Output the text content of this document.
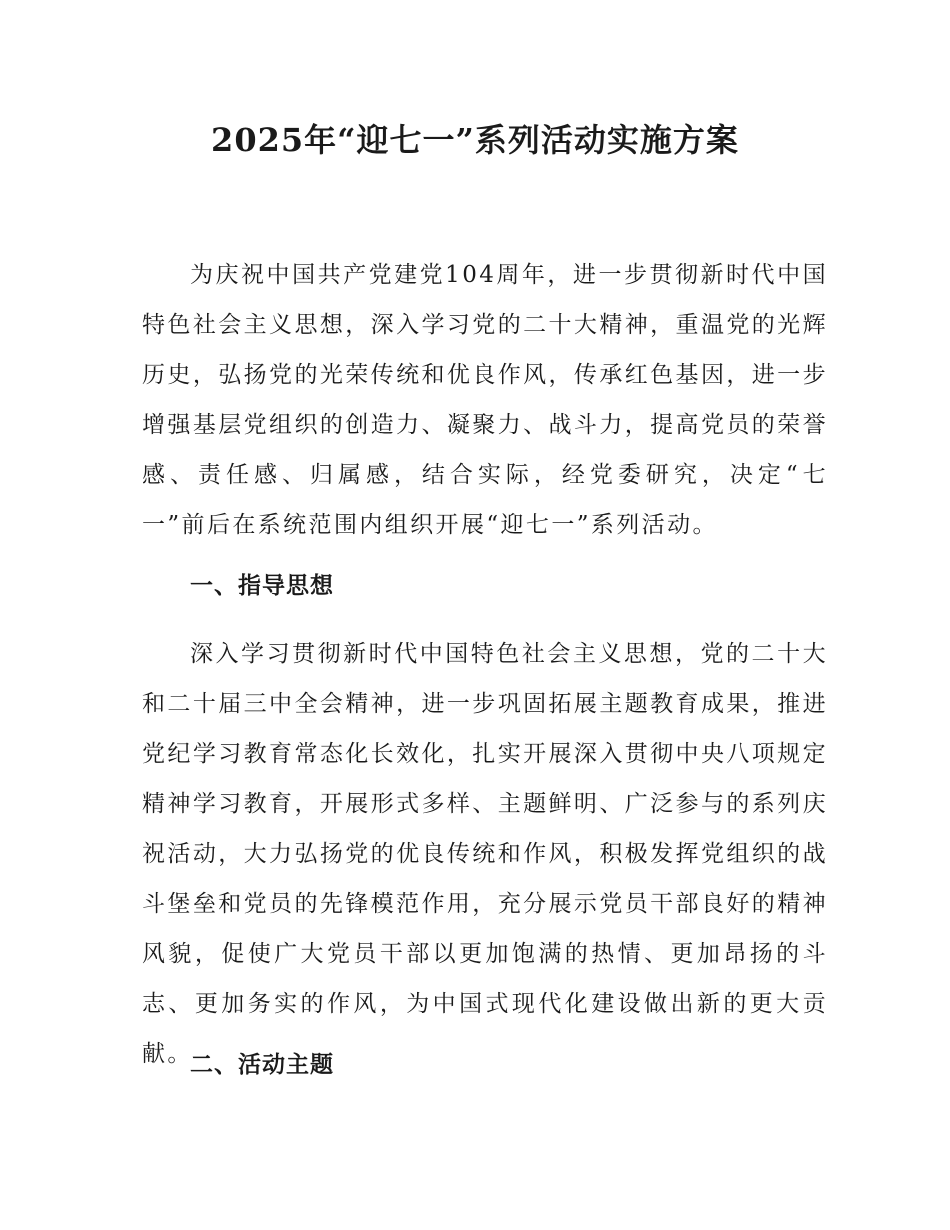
2025年“迎七一”系列活动实施方案

为庆祝中国共产党建党104周年，进一步贯彻新时代中国特色社会主义思想，深入学习党的二十大精神，重温党的光辉历史，弘扬党的光荣传统和优良作风，传承红色基因，进一步增强基层党组织的创造力、凝聚力、战斗力，提高党员的荣誉感、责任感、归属感，结合实际，经党委研究，决定“七一”前后在系统范围内组织开展“迎七一”系列活动。

一、指导思想

深入学习贯彻新时代中国特色社会主义思想，党的二十大和二十届三中全会精神，进一步巩固拓展主题教育成果，推进党纪学习教育常态化长效化，扎实开展深入贯彻中央八项规定精神学习教育，开展形式多样、主题鲜明、广泛参与的系列庆祝活动，大力弘扬党的优良传统和作风，积极发挥党组织的战斗堡垒和党员的先锋模范作用，充分展示党员干部良好的精神风貌，促使广大党员干部以更加饱满的热情、更加昂扬的斗志、更加务实的作风，为中国式现代化建设做出新的更大贡献。

二、活动主题
